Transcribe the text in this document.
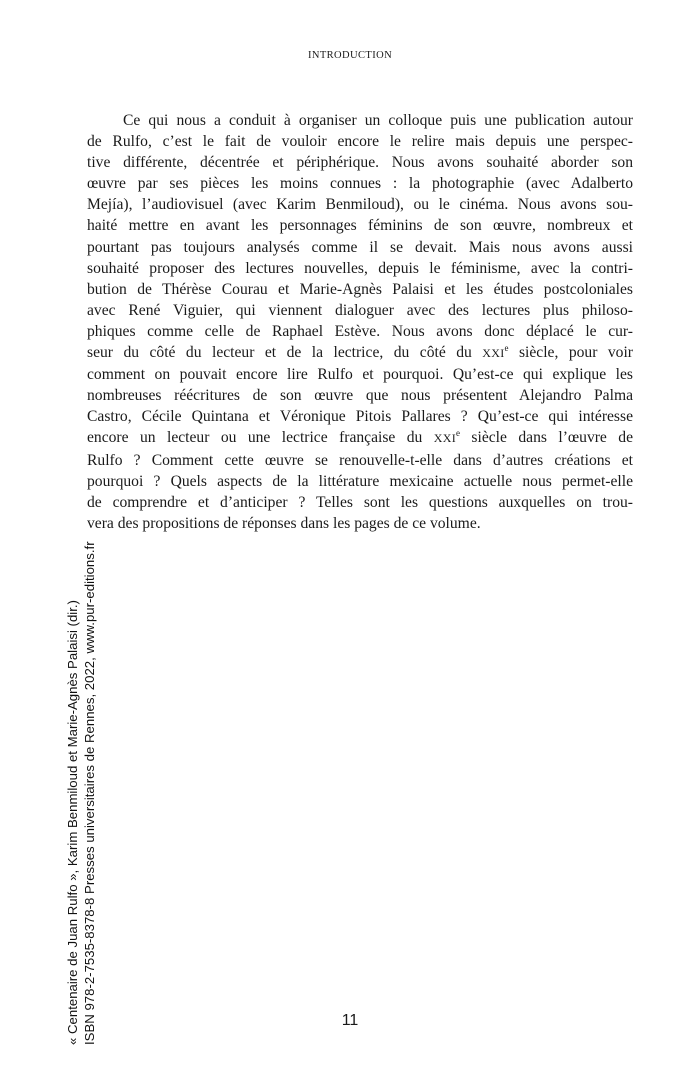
INTRODUCTION

Ce qui nous a conduit à organiser un colloque puis une publication autour
de Rulfo, c’est le fait de vouloir encore le relire mais depuis une perspec-
tive différente, décentrée et périphérique. Nous avons souhaité aborder son
œuvre par ses pièces les moins connues : la photographie (avec Adalberto
Mejía), l’audiovisuel (avec Karim Benmiloud), ou le cinéma. Nous avons sou-
haité mettre en avant les personnages féminins de son œuvre, nombreux et
pourtant pas toujours analysés comme il se devait. Mais nous avons aussi
souhaité proposer des lectures nouvelles, depuis le féminisme, avec la contri-
bution de Thérèse Courau et Marie-Agnès Palaisi et les études postcoloniales
avec René Viguier, qui viennent dialoguer avec des lectures plus philoso-
phiques comme celle de Raphael Estève. Nous avons donc déplacé le cur-
seur du côté du lecteur et de la lectrice, du côté du XXIe siècle, pour voir
comment on pouvait encore lire Rulfo et pourquoi. Qu’est-ce qui explique les
nombreuses réécritures de son œuvre que nous présentent Alejandro Palma
Castro, Cécile Quintana et Véronique Pitois Pallares ? Qu’est-ce qui intéresse
encore un lecteur ou une lectrice française du XXIe siècle dans l’œuvre de
Rulfo ? Comment cette œuvre se renouvelle-t-elle dans d’autres créations et
pourquoi ? Quels aspects de la littérature mexicaine actuelle nous permet-elle
de comprendre et d’anticiper ? Telles sont les questions auxquelles on trou-
vera des propositions de réponses dans les pages de ce volume.

« Centenaire de Juan Rulfo », Karim Benmiloud et Marie-Agnès Palaisi (dir.) ISBN 978-2-7535-8378-8 Presses universitaires de Rennes, 2022, www.pur-editions.fr	11
